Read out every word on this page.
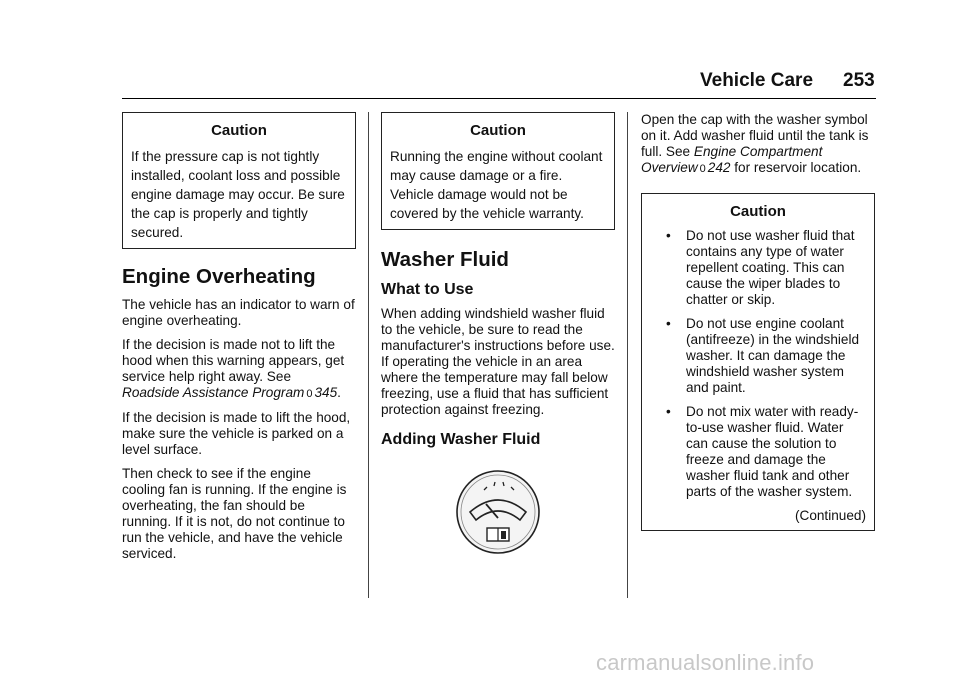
Vehicle Care 253
Caution
If the pressure cap is not tightly installed, coolant loss and possible engine damage may occur. Be sure the cap is properly and tightly secured.
Engine Overheating

The vehicle has an indicator to warn of engine overheating.

If the decision is made not to lift the hood when this warning appears, get service help right away. See
Roadside Assistance Program 0 345.

If the decision is made to lift the hood, make sure the vehicle is parked on a level surface.

Then check to see if the engine cooling fan is running. If the engine is overheating, the fan should be running. If it is not, do not continue to run the vehicle, and have the vehicle serviced.

Caution
Running the engine without coolant may cause damage or a fire. Vehicle damage would not be covered by the vehicle warranty.
Washer Fluid
What to Use

When adding windshield washer fluid to the vehicle, be sure to read the manufacturer's instructions before use. If operating the vehicle in an area where the temperature may fall below freezing, use a fluid that has sufficient protection against freezing.

Adding Washer Fluid

Open the cap with the washer symbol on it. Add washer fluid until the tank is full. See Engine Compartment Overview 0 242 for reservoir location.

Caution
• Do not use washer fluid that contains any type of water repellent coating. This can cause the wiper blades to chatter or skip.
• Do not use engine coolant (antifreeze) in the windshield washer. It can damage the windshield washer system and paint.
• Do not mix water with ready-to-use washer fluid. Water can cause the solution to freeze and damage the washer fluid tank and other parts of the washer system.
(Continued)
carmanualsonline.info
